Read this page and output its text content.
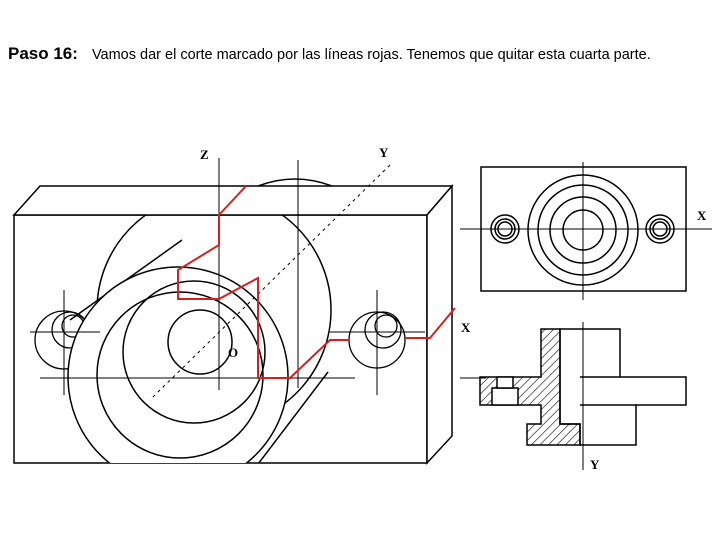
Paso 16: Vamos dar el corte marcado por las líneas rojas. Tenemos que quitar esta cuarta parte.
Z	Y
O
X
X
Y
